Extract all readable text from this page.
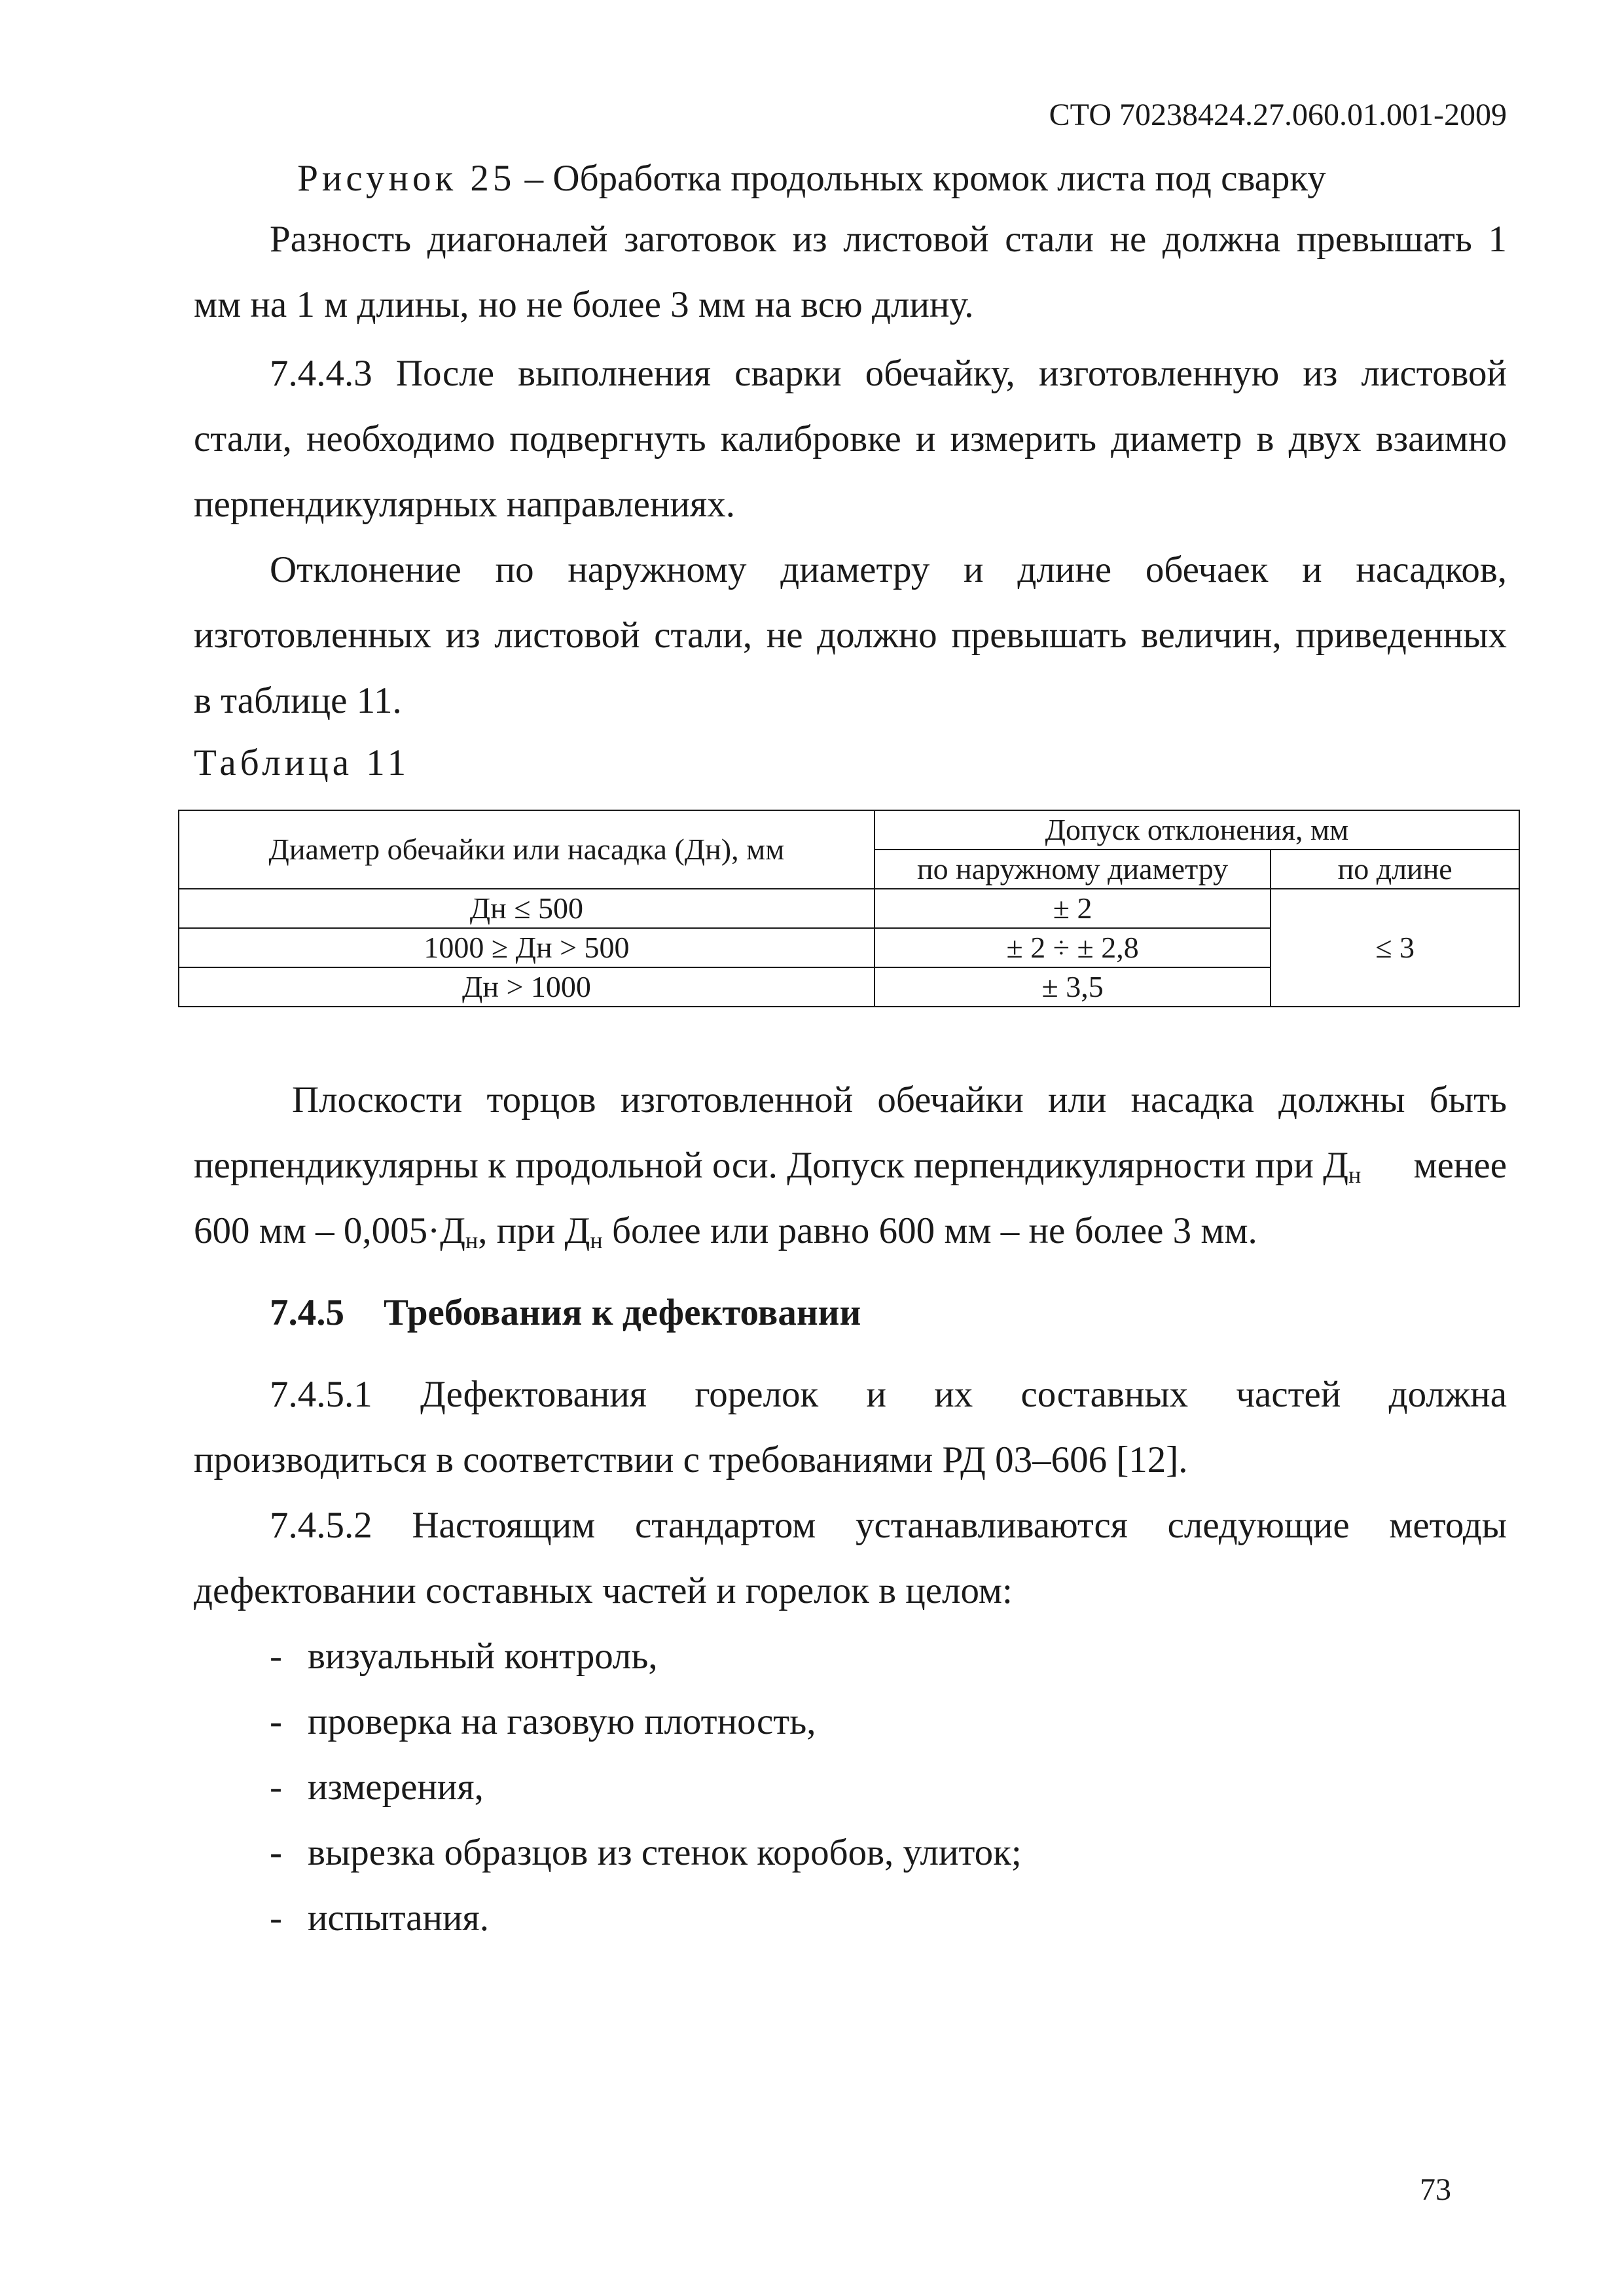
СТО 70238424.27.060.01.001-2009
Рисунок 25 – Обработка продольных кромок листа под сварку
Разность диагоналей заготовок из листовой стали не должна превышать 1
мм на 1 м длины, но не более 3 мм на всю длину.
7.4.4.3 После выполнения сварки обечайку, изготовленную из листовой
стали, необходимо подвергнуть калибровке и измерить диаметр в двух взаимно
перпендикулярных направлениях.
Отклонение по наружному диаметру и длине обечаек и насадков,
изготовленных из листовой стали, не должно превышать величин, приведенных
в таблице 11.
Таблица 11
Диаметр обечайки или насадка (Дн), мм	Допуск отклонения, мм	
	по наружному диаметру	по длине
Дн ≤ 500	± 2	≤ 3
1000 ≥ Дн > 500	± 2 ÷ ± 2,8	
Дн > 1000	± 3,5	
Плоскости торцов изготовленной обечайки или насадка должны быть
перпендикулярны к продольной оси. Допуск перпендикулярности при $Д_н$ менее
600 мм – $0,005\cdot Д_н$, при $Д_н$ более или равно 600 мм – не более 3 мм.
7.4.5 Требования к дефектовании
7.4.5.1 Дефектования горелок и их составных частей должна
производиться в соответствии с требованиями РД 03–606 [12].
7.4.5.2 Настоящим стандартом устанавливаются следующие методы
дефектовании составных частей и горелок в целом:
- визуальный контроль,
- проверка на газовую плотность,
- измерения,
- вырезка образцов из стенок коробов, улиток;
- испытания.
73
